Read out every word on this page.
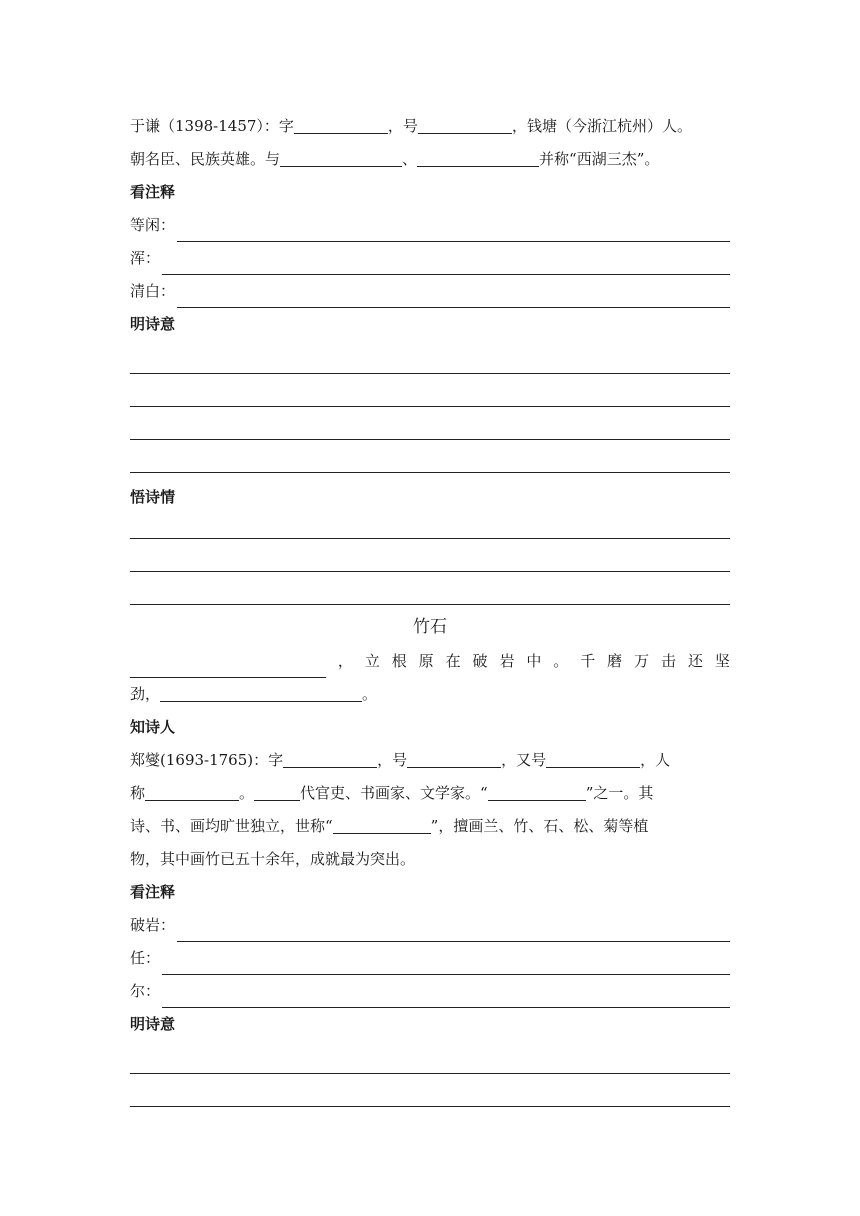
于谦（1398-1457）：字	，号	，钱塘（今浙江杭州）人。
朝名臣、民族英雄。与	、	并称“西湖三杰”。
看注释
等闲：
浑：
清白：
明诗意
悟诗情
竹石
， 立 根 原 在 破 岩 中 。 千 磨 万 击 还 坚
劲，	。
知诗人
郑燮(1693-1765)：字	，号	，又号	，人
称	。	代官吏、书画家、文学家。“	”之一。其
诗、书、画均旷世独立，世称“	”，擅画兰、竹、石、松、菊等植
物，其中画竹已五十余年，成就最为突出。
看注释
破岩：
任：
尔：
明诗意
